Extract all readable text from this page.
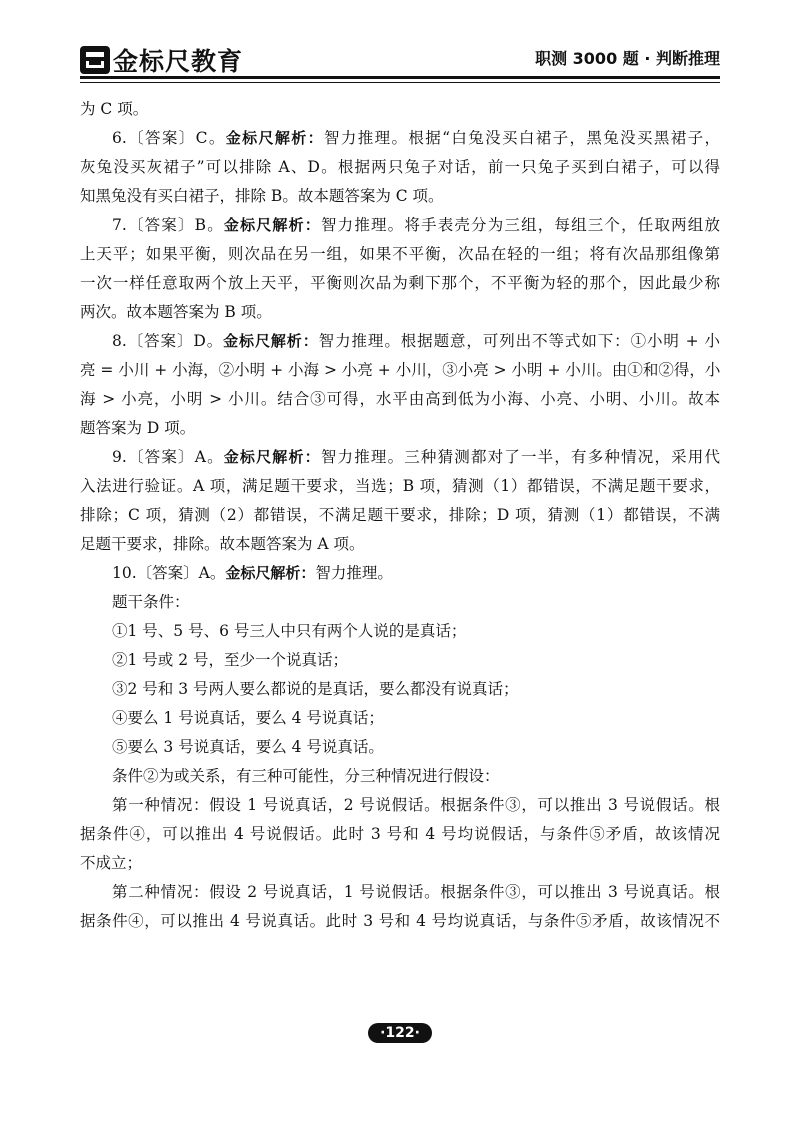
金标尺教育	职测 3000 题 · 判断推理
为 C 项。
6.〔答案〕C。金标尺解析：智力推理。根据“白兔没买白裙子，黑兔没买黑裙子，
灰兔没买灰裙子”可以排除 A、D。根据两只兔子对话，前一只兔子买到白裙子，可以得
知黑兔没有买白裙子，排除 B。故本题答案为 C 项。
7.〔答案〕B。金标尺解析：智力推理。将手表壳分为三组，每组三个，任取两组放
上天平；如果平衡，则次品在另一组，如果不平衡，次品在轻的一组；将有次品那组像第
一次一样任意取两个放上天平，平衡则次品为剩下那个，不平衡为轻的那个，因此最少称
两次。故本题答案为 B 项。
8.〔答案〕D。金标尺解析：智力推理。根据题意，可列出不等式如下：①小明 + 小
亮 = 小川 + 小海，②小明 + 小海 > 小亮 + 小川，③小亮 > 小明 + 小川。由①和②得，小
海 > 小亮，小明 > 小川。结合③可得，水平由高到低为小海、小亮、小明、小川。故本
题答案为 D 项。
9.〔答案〕A。金标尺解析：智力推理。三种猜测都对了一半，有多种情况，采用代
入法进行验证。A 项，满足题干要求，当选；B 项，猜测（1）都错误，不满足题干要求，
排除；C 项，猜测（2）都错误，不满足题干要求，排除；D 项，猜测（1）都错误，不满
足题干要求，排除。故本题答案为 A 项。
10.〔答案〕A。金标尺解析：智力推理。
题干条件：
①1 号、5 号、6 号三人中只有两个人说的是真话；
②1 号或 2 号，至少一个说真话；
③2 号和 3 号两人要么都说的是真话，要么都没有说真话；
④要么 1 号说真话，要么 4 号说真话；
⑤要么 3 号说真话，要么 4 号说真话。
条件②为或关系，有三种可能性，分三种情况进行假设：
第一种情况：假设 1 号说真话，2 号说假话。根据条件③，可以推出 3 号说假话。根
据条件④，可以推出 4 号说假话。此时 3 号和 4 号均说假话，与条件⑤矛盾，故该情况
不成立；
第二种情况：假设 2 号说真话，1 号说假话。根据条件③，可以推出 3 号说真话。根
据条件④，可以推出 4 号说真话。此时 3 号和 4 号均说真话，与条件⑤矛盾，故该情况不
·122·
